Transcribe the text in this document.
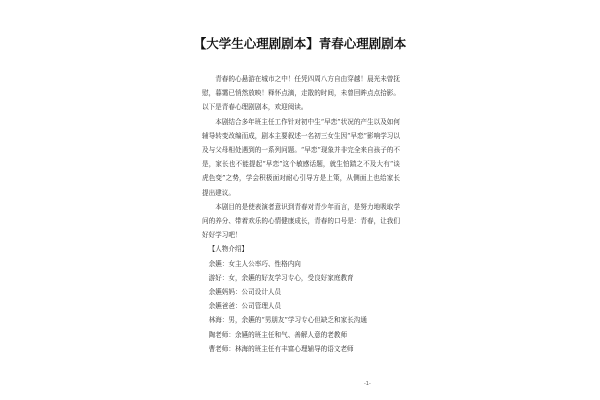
【大学生心理剧剧本】青春心理剧剧本

青春的心悬游在城市之中！任凭四周八方自由穿越！晨光未曾抚慰，暮霭已悄然放映！释怀点滴，走散的时间，未曾回眸点点拾影。以下是青春心理剧剧本，欢迎阅读。

本剧结合多年班主任工作针对初中生“早恋”状况的产生以及如何辅导转变改编而成，剧本主要叙述一名初三女生因“早恋”影响学习以及与父母相处遇到的一系列问题。“早恋”现象并非完全来自孩子的不是，家长也不能提起“早恋”这个敏感话题，就生怕踏之不及大有“谈虎色变”之势，学会积极面对耐心引导方是上策，从侧面上也给家长提出建议。

本剧目的是使表演者意识到青春对青少年而言，是努力地吸取学问的养分、带着欢乐的心情健康成长，青春的口号是：青春，让我们好好学习吧！

【人物介绍】

余嬿：女主人公率巧、性格内向

游好：女，余嬿的好友学习专心，受良好家庭教育

余嬿妈妈：公司设计人员

余嬿爸爸：公司管理人员

林海：男，余嬿的“男朋友”学习专心但缺乏和家长沟通

陶老师：余嬿的班主任和气、善解人意的老教师

曹老师：林海的班主任有丰富心理辅导的语文老师

-1-
